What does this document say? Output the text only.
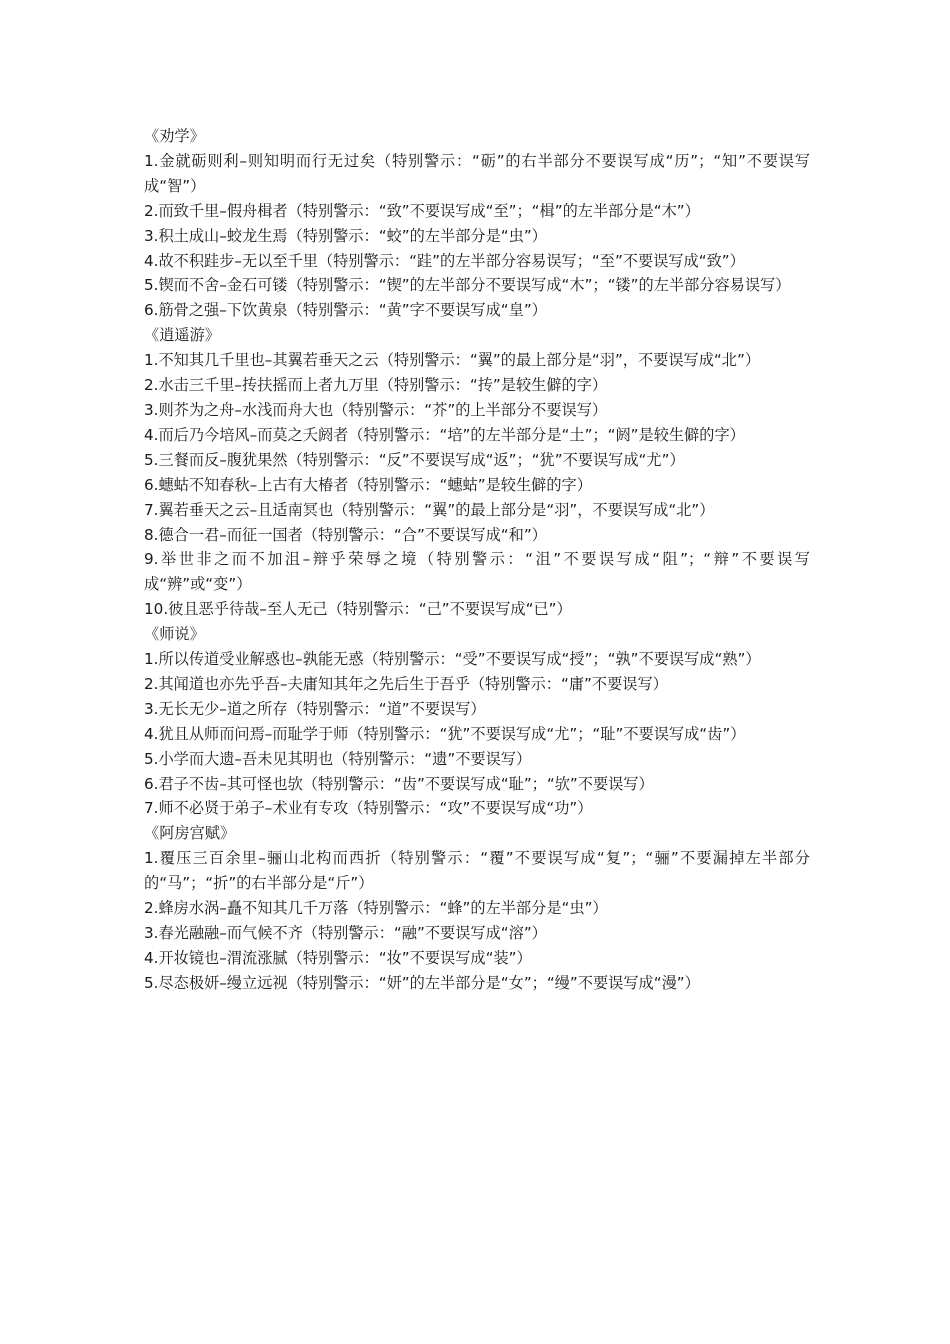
《劝学》

1.金就砺则利–则知明而行无过矣（特别警示：“砺”的右半部分不要误写成“历”；“知”不要误写成“智”）

2.而致千里–假舟楫者（特别警示：“致”不要误写成“至”；“楫”的左半部分是“木”）

3.积土成山–蛟龙生焉（特别警示：“蛟”的左半部分是“虫”）

4.故不积跬步–无以至千里（特别警示：“跬”的左半部分容易误写；“至”不要误写成“致”）

5.锲而不舍–金石可镂（特别警示：“锲”的左半部分不要误写成“木”；“镂”的左半部分容易误写）

6.筋骨之强–下饮黄泉（特别警示：“黄”字不要误写成“皇”）

《逍遥游》

1.不知其几千里也–其翼若垂天之云（特别警示：“翼”的最上部分是“羽”，不要误写成“北”）

2.水击三千里–抟扶摇而上者九万里（特别警示：“抟”是较生僻的字）

3.则芥为之舟–水浅而舟大也（特别警示：“芥”的上半部分不要误写）

4.而后乃今培风–而莫之夭阏者（特别警示：“培”的左半部分是“土”；“阏”是较生僻的字）

5.三餐而反–腹犹果然（特别警示：“反”不要误写成“返”；“犹”不要误写成“尤”）

6.蟪蛄不知春秋–上古有大椿者（特别警示：“蟪蛄”是较生僻的字）

7.翼若垂天之云–且适南冥也（特别警示：“翼”的最上部分是“羽”，不要误写成“北”）

8.德合一君–而征一国者（特别警示：“合”不要误写成“和”）

9.举世非之而不加沮–辩乎荣辱之境（特别警示：“沮”不要误写成“阻”；“辩”不要误写成“辨”或“变”）

10.彼且恶乎待哉–至人无己（特别警示：“己”不要误写成“已”）

《师说》

1.所以传道受业解惑也–孰能无惑（特别警示：“受”不要误写成“授”；“孰”不要误写成“熟”）

2.其闻道也亦先乎吾–夫庸知其年之先后生于吾乎（特别警示：“庸”不要误写）

3.无长无少–道之所存（特别警示：“道”不要误写）

4.犹且从师而问焉–而耻学于师（特别警示：“犹”不要误写成“尤”；“耻”不要误写成“齿”）

5.小学而大遗–吾未见其明也（特别警示：“遗”不要误写）

6.君子不齿–其可怪也欤（特别警示：“齿”不要误写成“耻”；“欤”不要误写）

7.师不必贤于弟子–术业有专攻（特别警示：“攻”不要误写成“功”）

《阿房宫赋》

1.覆压三百余里–骊山北构而西折（特别警示：“覆”不要误写成“复”；“骊”不要漏掉左半部分的“马”；“折”的右半部分是“斤”）

2.蜂房水涡–矗不知其几千万落（特别警示：“蜂”的左半部分是“虫”）

3.春光融融–而气候不齐（特别警示：“融”不要误写成“溶”）

4.开妆镜也–渭流涨腻（特别警示：“妆”不要误写成“装”）

5.尽态极妍–缦立远视（特别警示：“妍”的左半部分是“女”；“缦”不要误写成“漫”）
